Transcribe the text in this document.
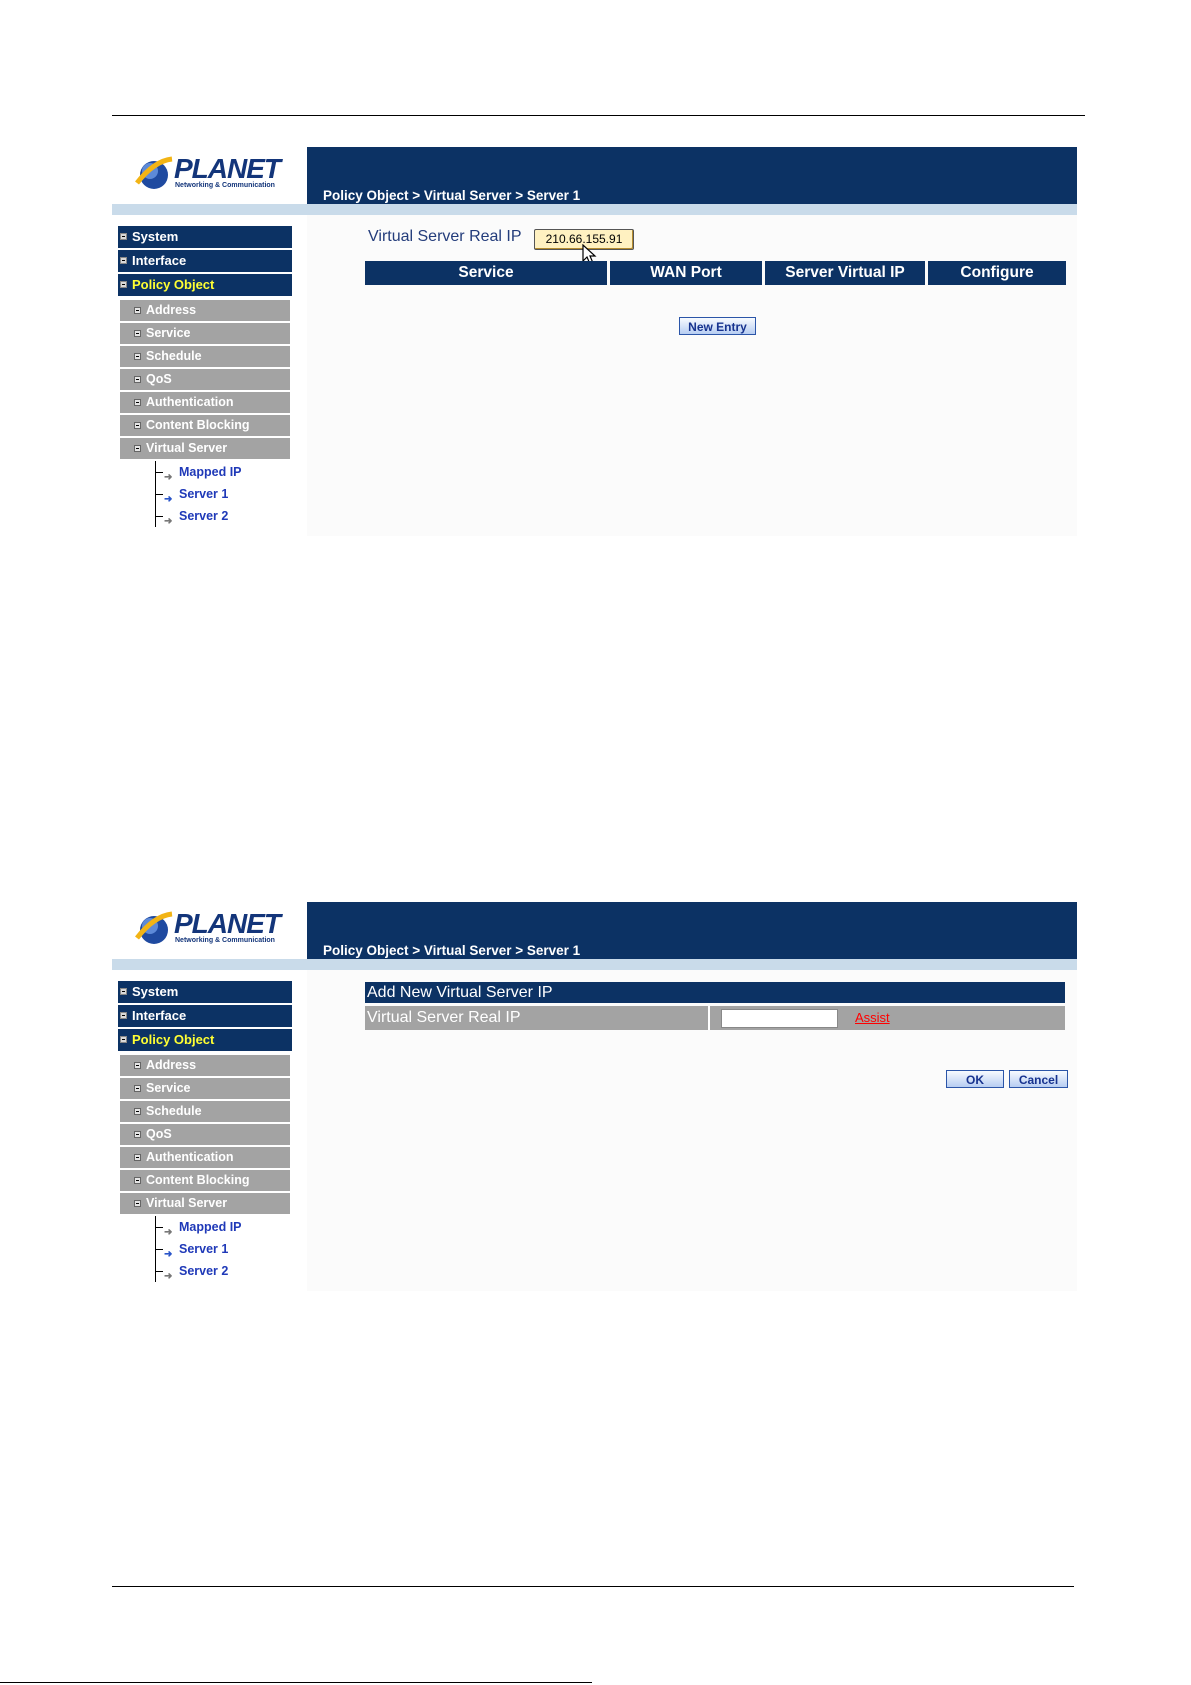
PLANET
Networking & Communication
Policy Object > Virtual Server > Server 1
System
Interface
Policy Object
Address
Service
Schedule
QoS
Authentication
Content Blocking
Virtual Server
➜ Mapped IP
➜ Server 1
➜ Server 2
Virtual Server Real IP	210.66.155.91
Service	WAN Port	Server Virtual IP	Configure
New Entry
PLANET
Networking & Communication
Policy Object > Virtual Server > Server 1
System
Interface
Policy Object
Address
Service
Schedule
QoS
Authentication
Content Blocking
Virtual Server
➜ Mapped IP
➜ Server 1
➜ Server 2
Add New Virtual Server IP
Virtual Server Real IP	Assist
OK	Cancel
